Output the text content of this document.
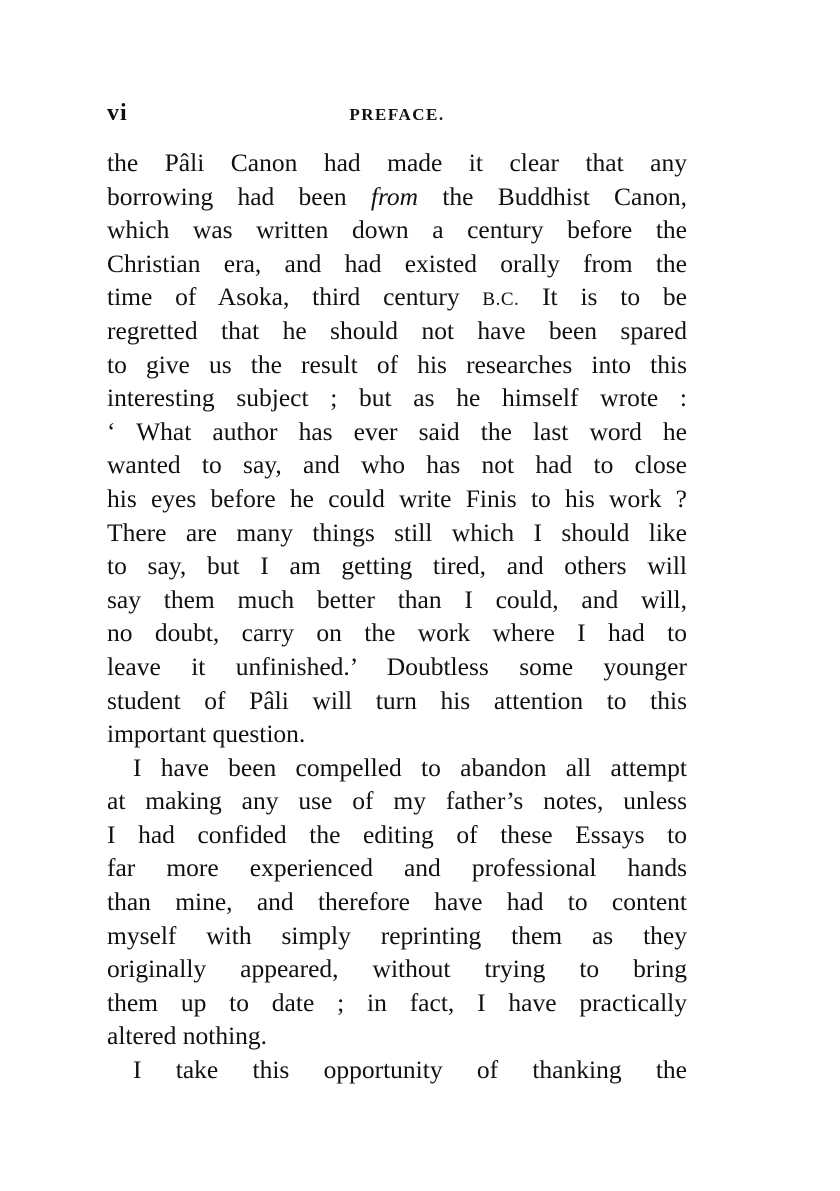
vi	PREFACE.
the Pâli Canon had made it clear that any
borrowing had been from the Buddhist Canon,
which was written down a century before the
Christian era, and had existed orally from the
time of Asoka, third century B.C. It is to be
regretted that he should not have been spared
to give us the result of his researches into this
interesting subject ; but as he himself wrote :
‘ What author has ever said the last word he
wanted to say, and who has not had to close
his eyes before he could write Finis to his work ?
There are many things still which I should like
to say, but I am getting tired, and others will
say them much better than I could, and will,
no doubt, carry on the work where I had to
leave it unfinished.’ Doubtless some younger
student of Pâli will turn his attention to this
important question.
I have been compelled to abandon all attempt
at making any use of my father’s notes, unless
I had confided the editing of these Essays to
far more experienced and professional hands
than mine, and therefore have had to content
myself with simply reprinting them as they
originally appeared, without trying to bring
them up to date ; in fact, I have practically
altered nothing.
I take this opportunity of thanking the
